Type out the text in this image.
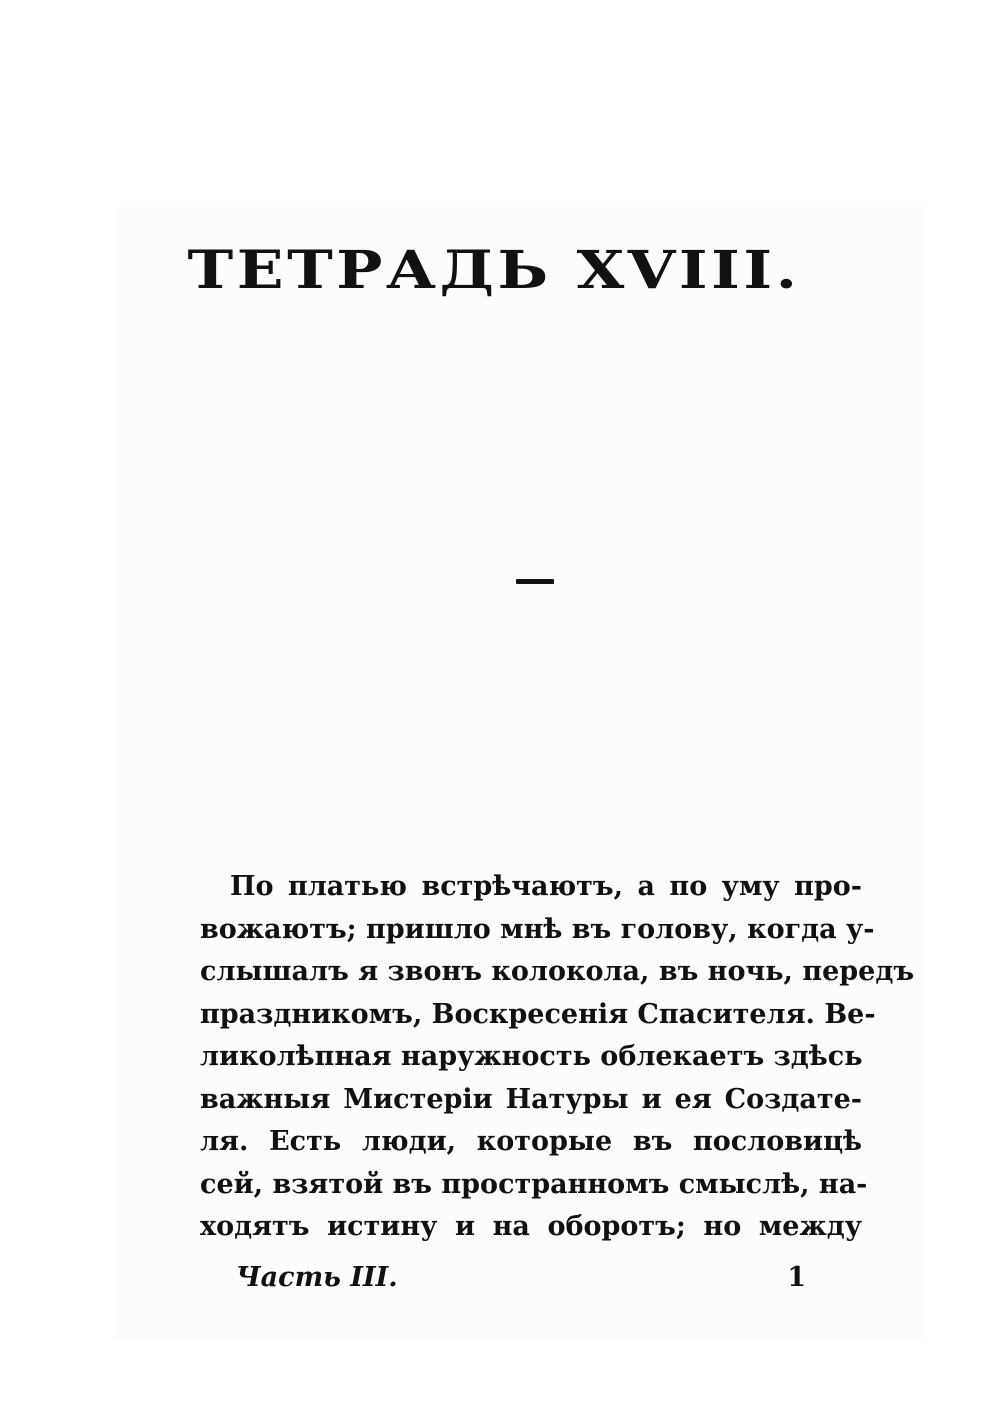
ТЕТРАДЬ XVIII.
По платью встрѣчаютъ, а по уму про-
вожаютъ; пришло мнѣ въ голову, когда у-
слышалъ я звонъ колокола, въ ночь, передъ
праздникомъ, Воскресенія Спасителя. Ве-
ликолѣпная наружность облекаетъ здѣсь
важныя Мистеріи Натуры и ея Создате-
ля. Есть люди, которые въ пословицѣ
сей, взятой въ пространномъ смыслѣ, на-
ходятъ истину и на оборотъ; но между
Часть III.	1
